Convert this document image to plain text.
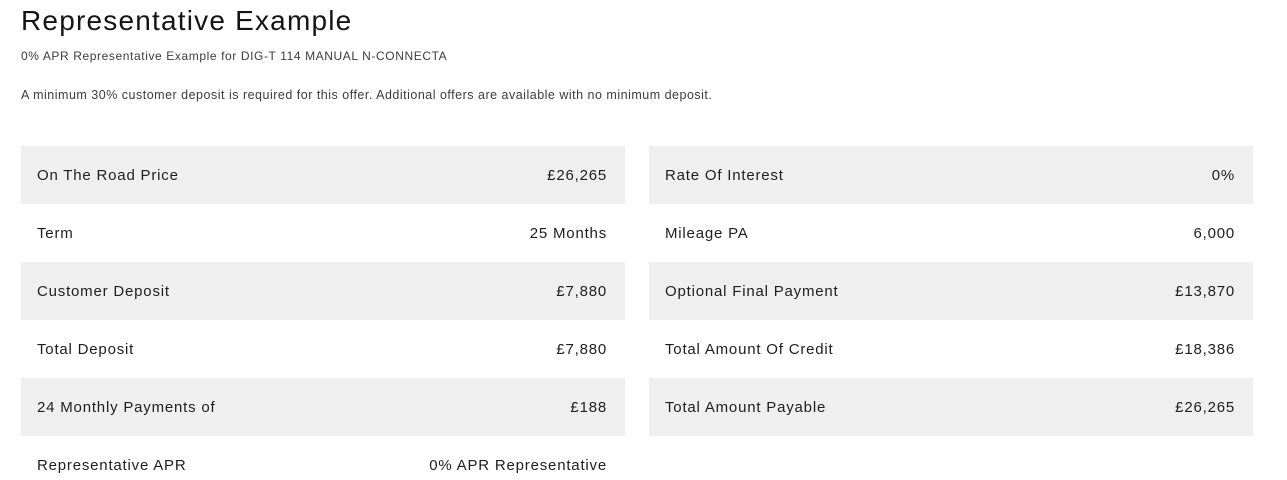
Representative Example

0% APR Representative Example for DIG-T 114 MANUAL N-CONNECTA

A minimum 30% customer deposit is required for this offer. Additional offers are available with no minimum deposit.

On The Road Price	£26,265
Term	25 Months
Customer Deposit	£7,880
Total Deposit	£7,880
24 Monthly Payments of	£188
Representative APR	0% APR Representative
Rate Of Interest	0%
Mileage PA	6,000
Optional Final Payment	£13,870
Total Amount Of Credit	£18,386
Total Amount Payable	£26,265
